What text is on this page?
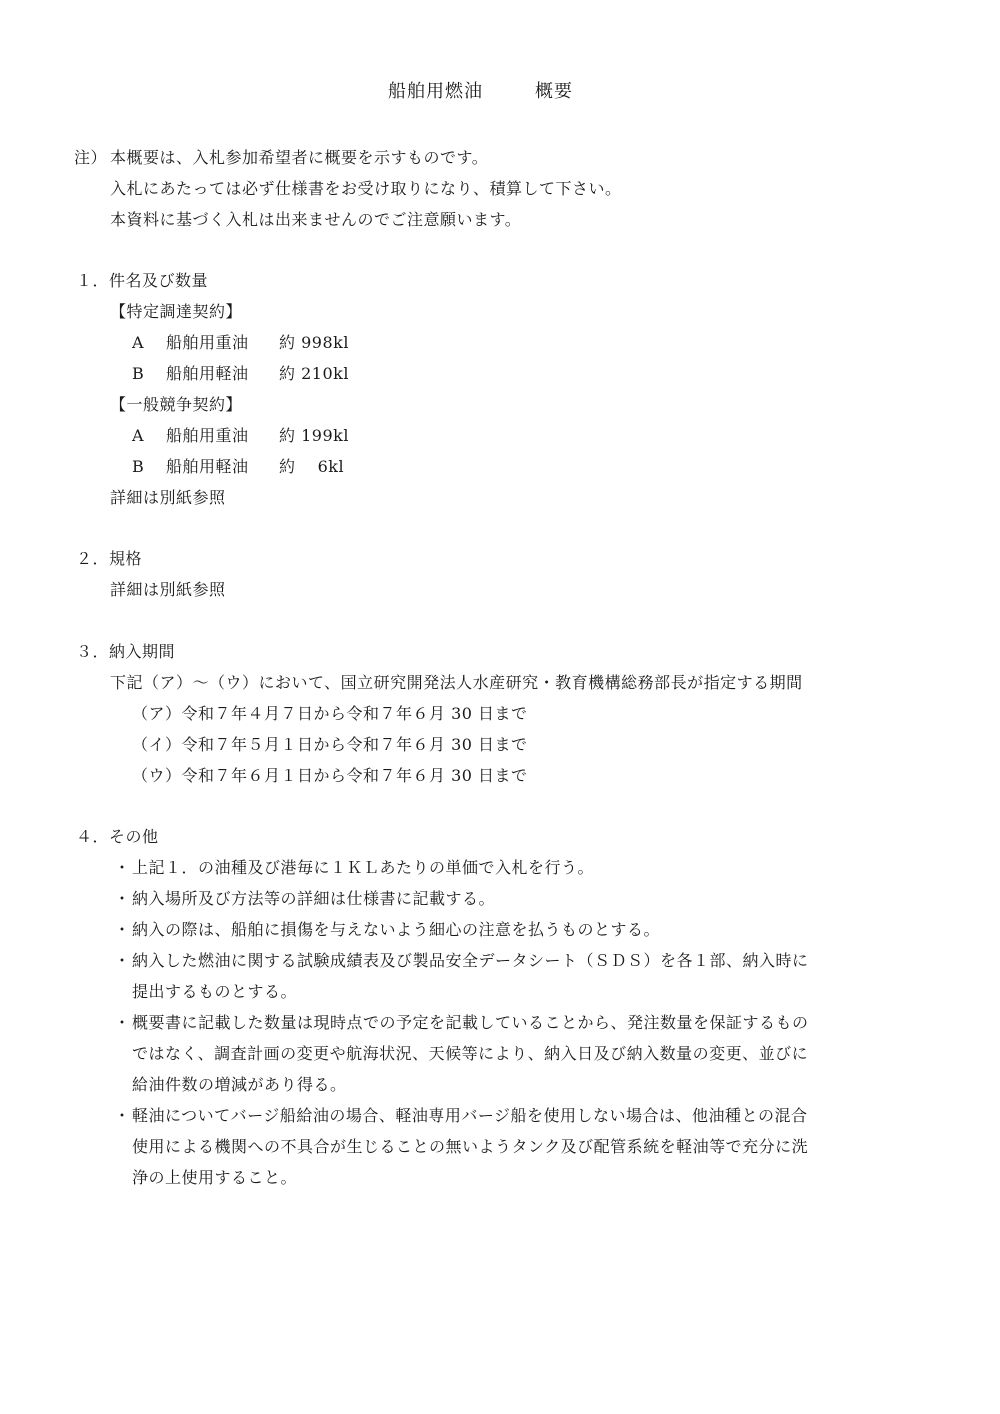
船舶用燃油	概要
注） 本概要は、入札参加希望者に概要を示すものです。
入札にあたっては必ず仕様書をお受け取りになり、積算して下さい。
本資料に基づく入札は出来ませんのでご注意願います。
１．件名及び数量
【特定調達契約】
A 船舶用重油 約 998kl
B 船舶用軽油 約 210kl
【一般競争契約】
A 船舶用重油 約 199kl
B 船舶用軽油 約 　6kl
詳細は別紙参照
２．規格
詳細は別紙参照
３．納入期間
下記（ア）～（ウ）において、国立研究開発法人水産研究・教育機構総務部長が指定する期間
（ア）令和７年４月７日から令和７年６月 30 日まで
（イ）令和７年５月１日から令和７年６月 30 日まで
（ウ）令和７年６月１日から令和７年６月 30 日まで
４．その他
・ 上記１．の油種及び港毎に１ＫＬあたりの単価で入札を行う。
・ 納入場所及び方法等の詳細は仕様書に記載する。
・ 納入の際は、船舶に損傷を与えないよう細心の注意を払うものとする。
・ 納入した燃油に関する試験成績表及び製品安全データシート（ＳＤＳ）を各１部、納入時に
提出するものとする。
・ 概要書に記載した数量は現時点での予定を記載していることから、発注数量を保証するもの
ではなく、調査計画の変更や航海状況、天候等により、納入日及び納入数量の変更、並びに
給油件数の増減があり得る。
・ 軽油についてバージ船給油の場合、軽油専用バージ船を使用しない場合は、他油種との混合
使用による機関への不具合が生じることの無いようタンク及び配管系統を軽油等で充分に洗
浄の上使用すること。
